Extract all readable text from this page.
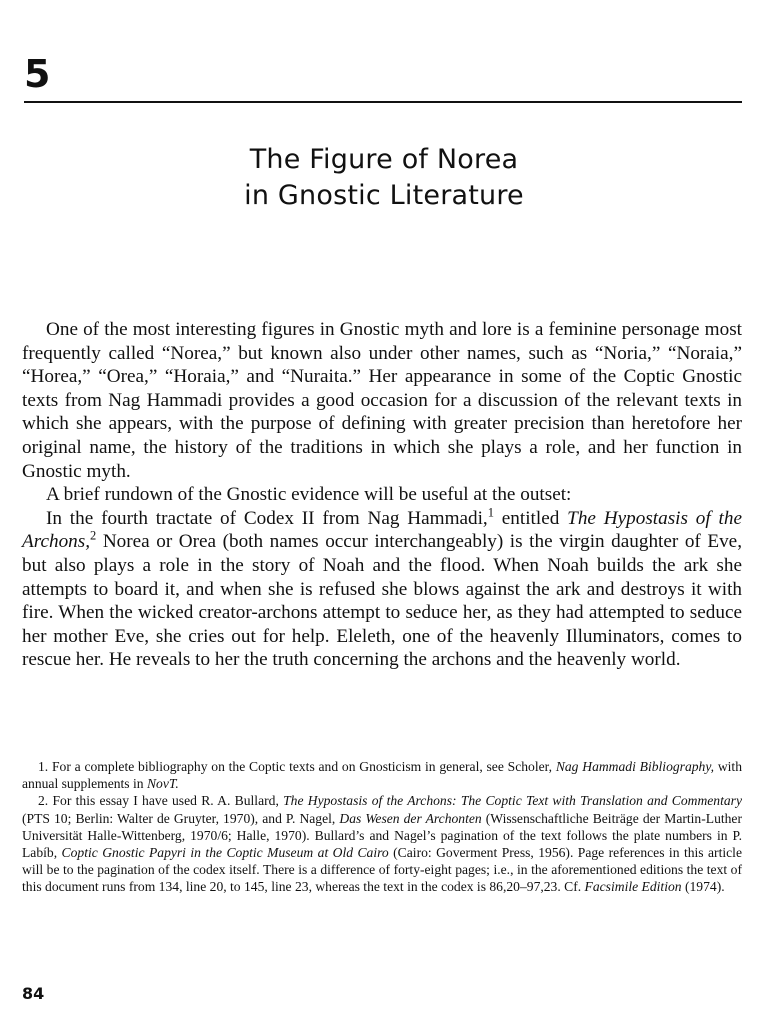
5
The Figure of Norea
in Gnostic Literature

One of the most interesting figures in Gnostic myth and lore is a feminine personage most frequently called “Norea,” but known also under other names, such as “Noria,” “Noraia,” “Horea,” “Orea,” “Horaia,” and “Nuraita.” Her appearance in some of the Coptic Gnostic texts from Nag Hammadi provides a good occasion for a discussion of the relevant texts in which she appears, with the purpose of defining with greater precision than heretofore her original name, the history of the traditions in which she plays a role, and her function in Gnostic myth.

A brief rundown of the Gnostic evidence will be useful at the outset:

In the fourth tractate of Codex II from Nag Hammadi,$^1$ entitled The Hypostasis of the Archons,$^2$ Norea or Orea (both names occur interchangeably) is the virgin daughter of Eve, but also plays a role in the story of Noah and the flood. When Noah builds the ark she attempts to board it, and when she is refused she blows against the ark and destroys it with fire. When the wicked creator-archons attempt to seduce her, as they had attempted to seduce her mother Eve, she cries out for help. Eleleth, one of the heavenly Illuminators, comes to rescue her. He reveals to her the truth concerning the archons and the heavenly world.

1. For a complete bibliography on the Coptic texts and on Gnosticism in general, see Scholer, Nag Hammadi Bibliography, with annual supplements in NovT.

2. For this essay I have used R. A. Bullard, The Hypostasis of the Archons: The Coptic Text with Translation and Commentary (PTS 10; Berlin: Walter de Gruyter, 1970), and P. Nagel, Das Wesen der Archonten (Wissenschaftliche Beiträge der Martin-Luther Universität Halle-Wittenberg, 1970/6; Halle, 1970). Bullard’s and Nagel’s pagination of the text follows the plate numbers in P. Labíb, Coptic Gnostic Papyri in the Coptic Museum at Old Cairo (Cairo: Goverment Press, 1956). Page references in this article will be to the pagination of the codex itself. There is a difference of forty-eight pages; i.e., in the aforementioned editions the text of this document runs from 134, line 20, to 145, line 23, whereas the text in the codex is 86,20–97,23. Cf. Facsimile Edition (1974).

84
